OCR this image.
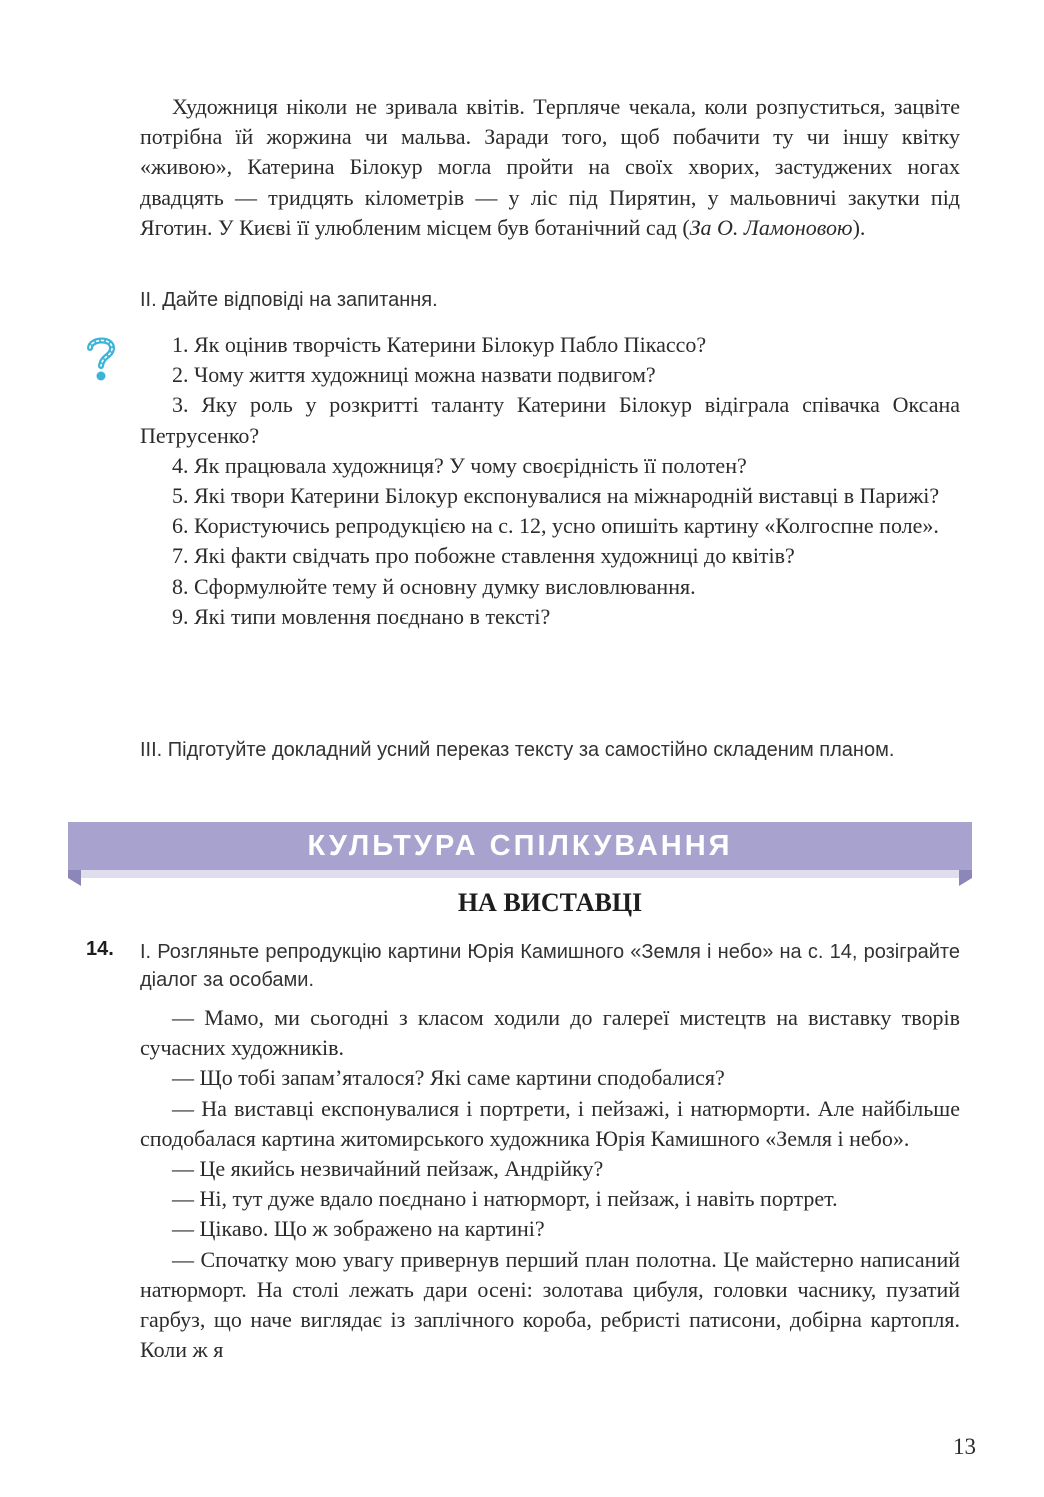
Художниця ніколи не зривала квітів. Терпляче чекала, коли розпуститься, зацвіте потрібна їй жоржина чи мальва. Заради того, щоб побачити ту чи іншу квітку «живою», Катерина Білокур могла пройти на своїх хворих, застуджених ногах двадцять — тридцять кілометрів — у ліс під Пирятин, у мальовничі закутки під Яготин. У Києві її улюбленим місцем був ботанічний сад (За О. Ламоновою).
ІІ. Дайте відповіді на запитання.

1. Як оцінив творчість Катерини Білокур Пабло Пікассо?

2. Чому життя художниці можна назвати подвигом?

3. Яку роль у розкритті таланту Катерини Білокур відіграла співачка Оксана Петрусенко?

4. Як працювала художниця? У чому своєрідність її полотен?

5. Які твори Катерини Білокур експонувалися на міжнародній виставці в Парижі?

6. Користуючись репродукцією на с. 12, усно опишіть картину «Колгоспне поле».

7. Які факти свідчать про побожне ставлення художниці до квітів?

8. Сформулюйте тему й основну думку висловлювання.

9. Які типи мовлення поєднано в тексті?

ІІІ. Підготуйте докладний усний переказ тексту за самостійно складеним планом.
КУЛЬТУРА СПІЛКУВАННЯ
НА ВИСТАВЦІ
14. І. Розгляньте репродукцію картини Юрія Камишного «Земля і небо» на с. 14, розіграйте діалог за особами.

— Мамо, ми сьогодні з класом ходили до галереї мистецтв на виставку творів сучасних художників.

— Що тобі запам’яталося? Які саме картини сподобалися?

— На виставці експонувалися і портрети, і пейзажі, і натюрморти. Але найбільше сподобалася картина житомирського художника Юрія Камишного «Земля і небо».

— Це якийсь незвичайний пейзаж, Андрійку?

— Ні, тут дуже вдало поєднано і натюрморт, і пейзаж, і навіть портрет.

— Цікаво. Що ж зображено на картині?

— Спочатку мою увагу привернув перший план полотна. Це майстерно написаний натюрморт. На столі лежать дари осені: золотава цибуля, головки часнику, пузатий гарбуз, що наче виглядає із заплічного короба, ребристі патисони, добірна картопля. Коли ж я

13
